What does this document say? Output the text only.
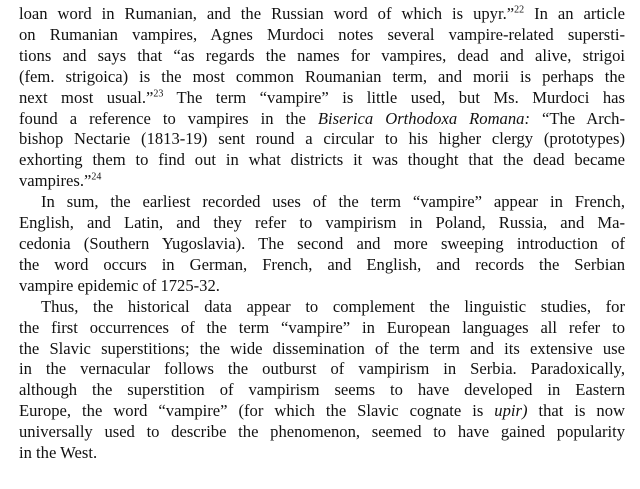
loan word in Rumanian, and the Russian word of which is upyr.”$^{22}$ In an article
on Rumanian vampires, Agnes Murdoci notes several vampire-related supersti-
tions and says that “as regards the names for vampires, dead and alive, strigoi
(fem. strigoica) is the most common Roumanian term, and morii is perhaps the
next most usual.”$^{23}$ The term “vampire” is little used, but Ms. Murdoci has
found a reference to vampires in the Biserica Orthodoxa Romana: “The Arch-
bishop Nectarie (1813-19) sent round a circular to his higher clergy (prototypes)
exhorting them to find out in what districts it was thought that the dead became
vampires.”$^{24}$
In sum, the earliest recorded uses of the term “vampire” appear in French,
English, and Latin, and they refer to vampirism in Poland, Russia, and Ma-
cedonia (Southern Yugoslavia). The second and more sweeping introduction of
the word occurs in German, French, and English, and records the Serbian
vampire epidemic of 1725-32.
Thus, the historical data appear to complement the linguistic studies, for
the first occurrences of the term “vampire” in European languages all refer to
the Slavic superstitions; the wide dissemination of the term and its extensive use
in the vernacular follows the outburst of vampirism in Serbia. Paradoxically,
although the superstition of vampirism seems to have developed in Eastern
Europe, the word “vampire” (for which the Slavic cognate is upir) that is now
universally used to describe the phenomenon, seemed to have gained popularity
in the West.
